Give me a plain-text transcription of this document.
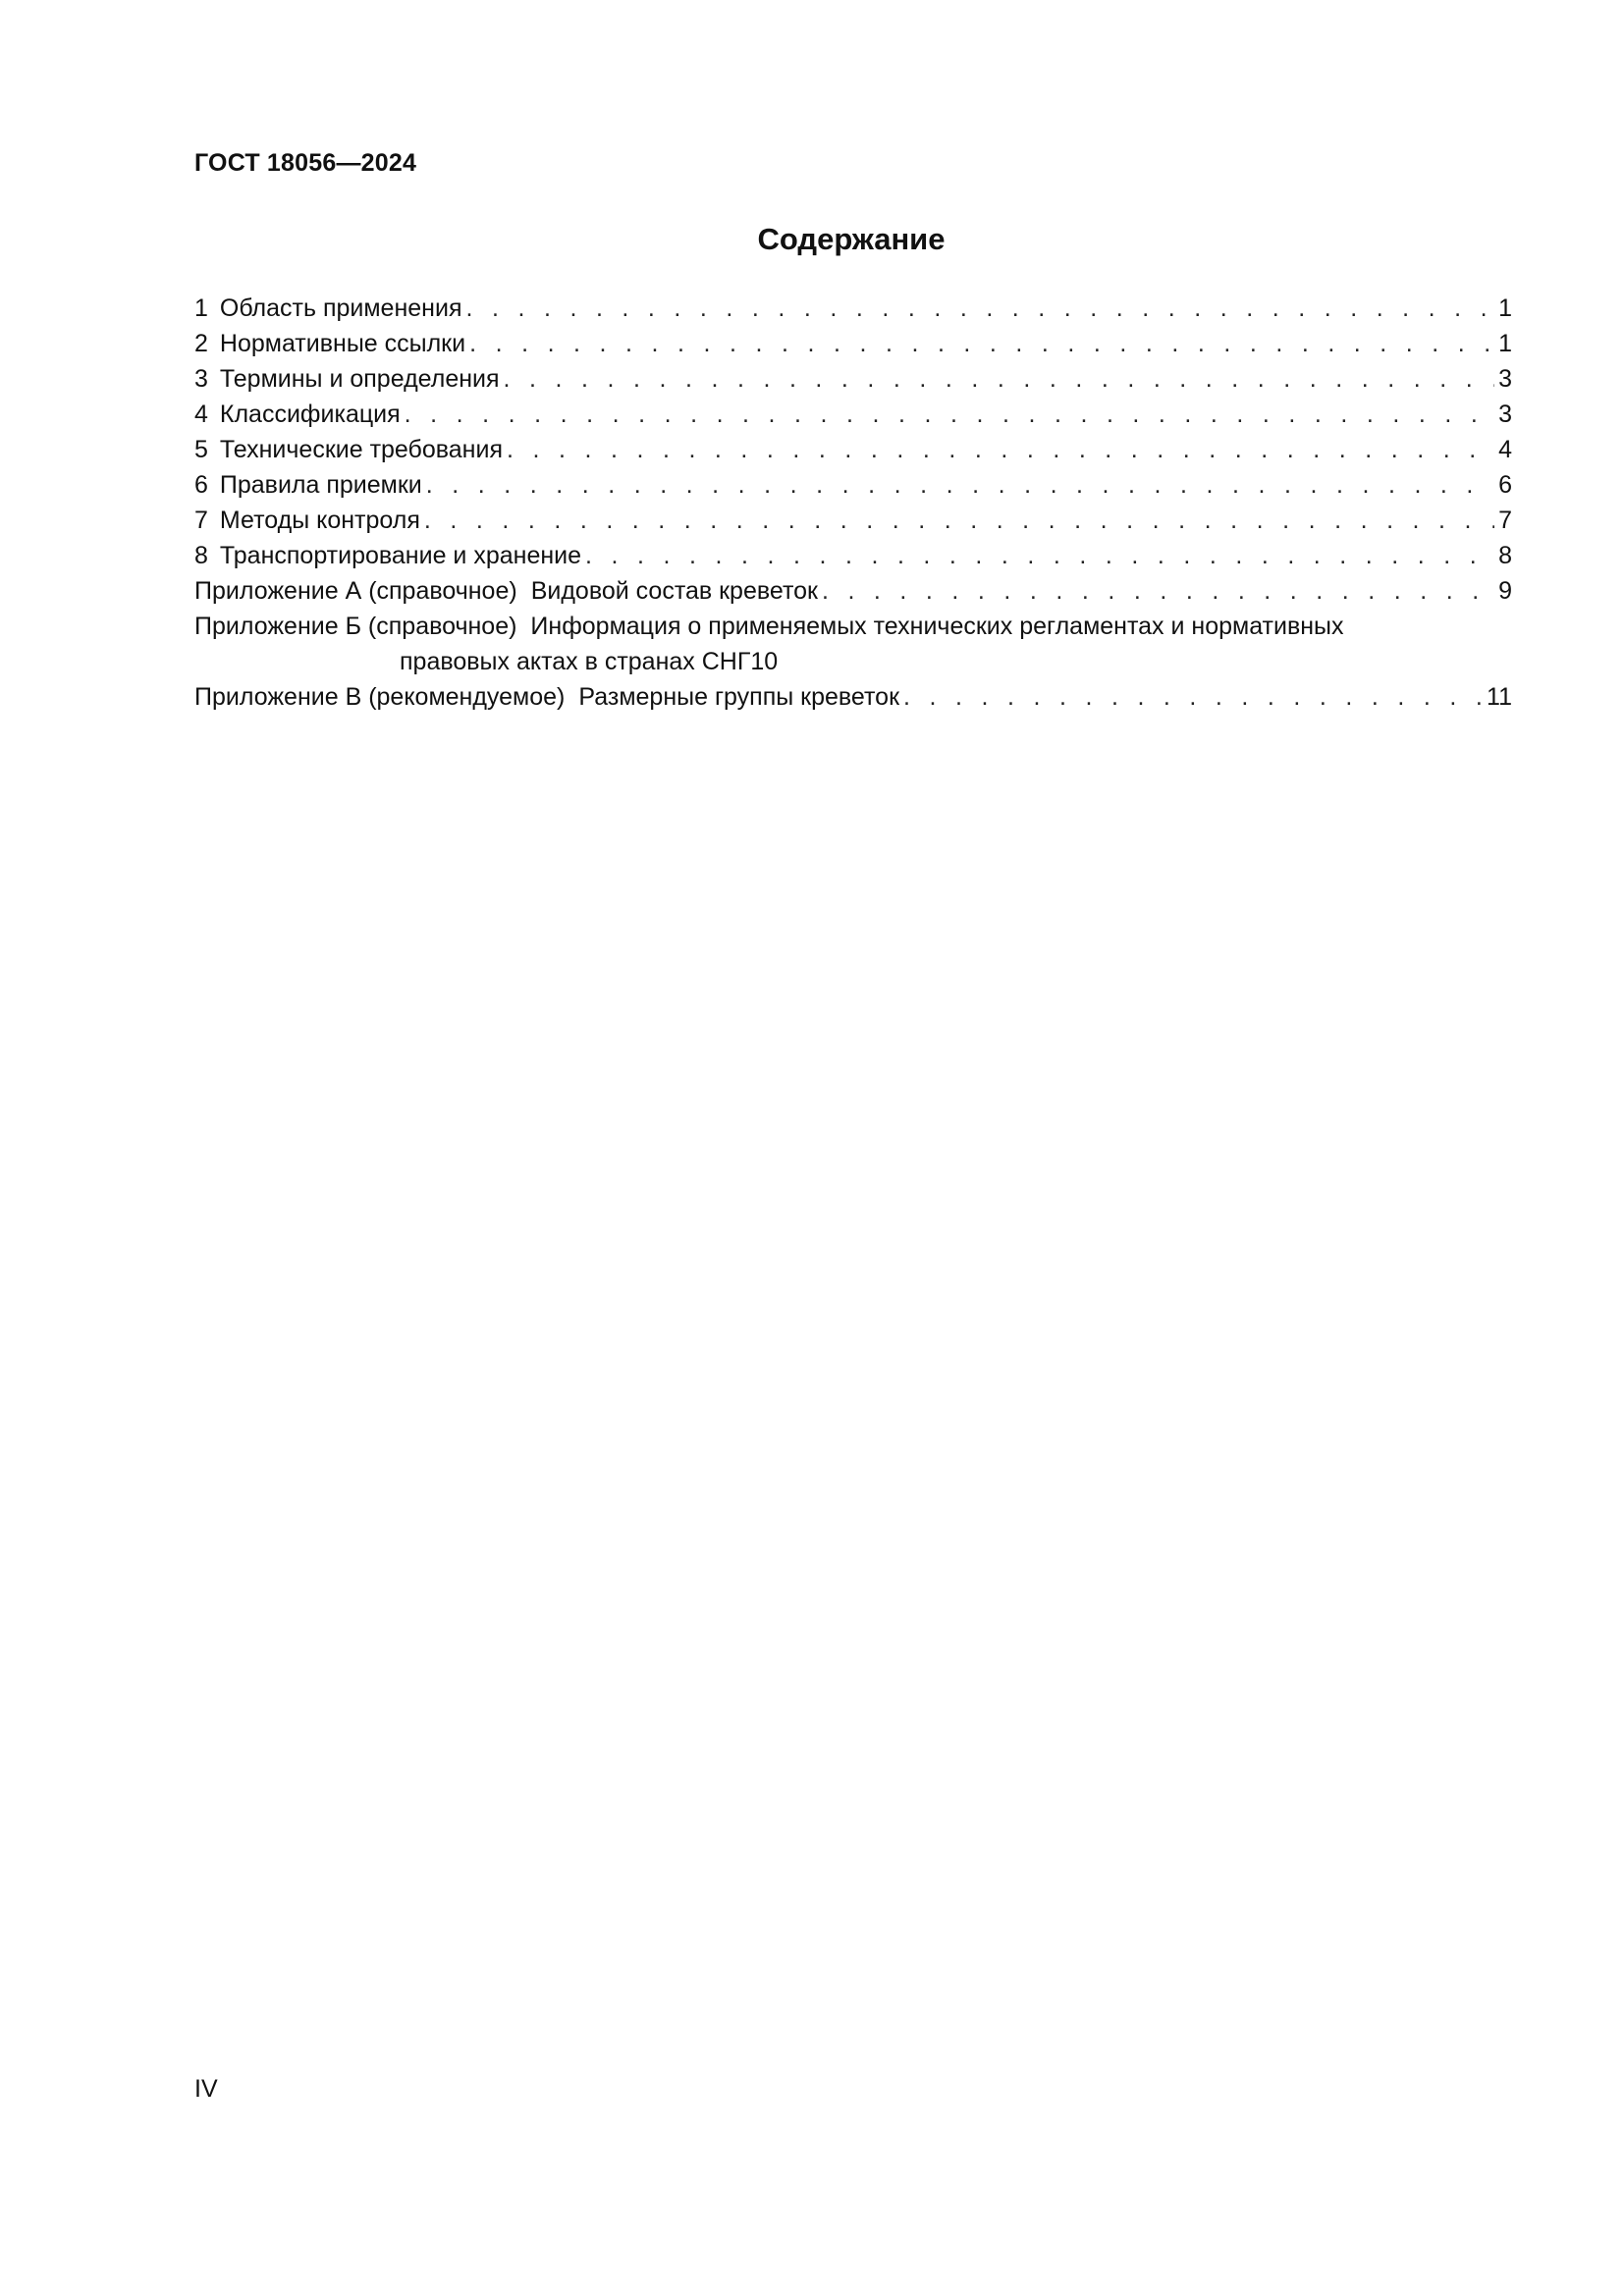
ГОСТ 18056—2024
Содержание
1 Область применения . . .	1
2 Нормативные ссылки . . .	1
3 Термины и определения . . .	3
4 Классификация . . .	3
5 Технические требования . . .	4
6 Правила приемки . . .	6
7 Методы контроля . . .	7
8 Транспортирование и хранение . . .	8
Приложение А (справочное) Видовой состав креветок . . .	9
Приложение Б (справочное) Информация о применяемых технических регламентах и нормативных
правовых актах в странах СНГ 10
Приложение В (рекомендуемое) Размерные группы креветок . . .	11
IV
